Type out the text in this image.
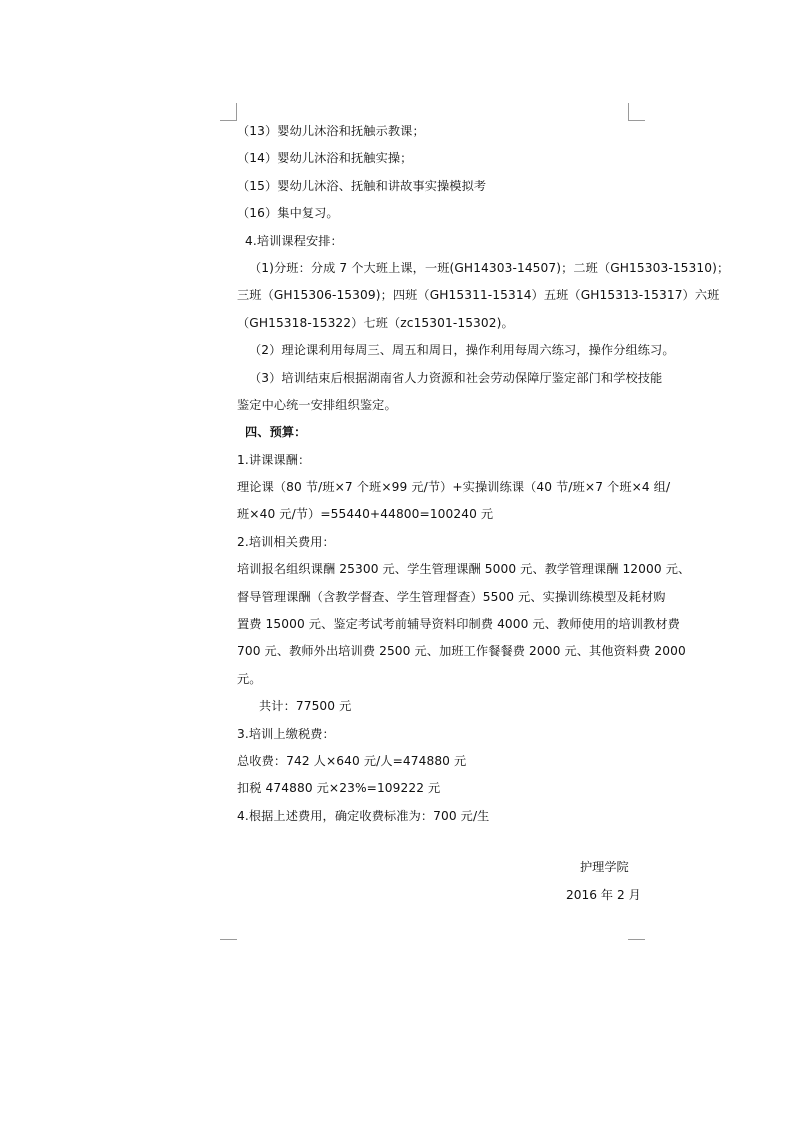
（13）婴幼儿沐浴和抚触示教课；
（14）婴幼儿沐浴和抚触实操；
（15）婴幼儿沐浴、抚触和讲故事实操模拟考
（16）集中复习。
4.培训课程安排：
（1)分班：分成 7 个大班上课，一班(GH14303-14507)；二班（GH15303-15310)；
三班（GH15306-15309)；四班（GH15311-15314）五班（GH15313-15317）六班
（GH15318-15322）七班（zc15301-15302)。
（2）理论课利用每周三、周五和周日，操作利用每周六练习，操作分组练习。
（3）培训结束后根据湖南省人力资源和社会劳动保障厅鉴定部门和学校技能
鉴定中心统一安排组织鉴定。
四、预算：
1.讲课课酬：
理论课（80 节/班×7 个班×99 元/节）+实操训练课（40 节/班×7 个班×4 组/
班×40 元/节）=55440+44800=100240 元
2.培训相关费用：
培训报名组织课酬 25300 元、学生管理课酬 5000 元、教学管理课酬 12000 元、
督导管理课酬（含教学督查、学生管理督查）5500 元、实操训练模型及耗材购
置费 15000 元、鉴定考试考前辅导资料印制费 4000 元、教师使用的培训教材费
700 元、教师外出培训费 2500 元、加班工作餐餐费 2000 元、其他资料费 2000
元。
共计：77500 元
3.培训上缴税费：
总收费：742 人×640 元/人=474880 元
扣税 474880 元×23%=109222 元
4.根据上述费用，确定收费标准为：700 元/生
护理学院
2016 年 2 月
